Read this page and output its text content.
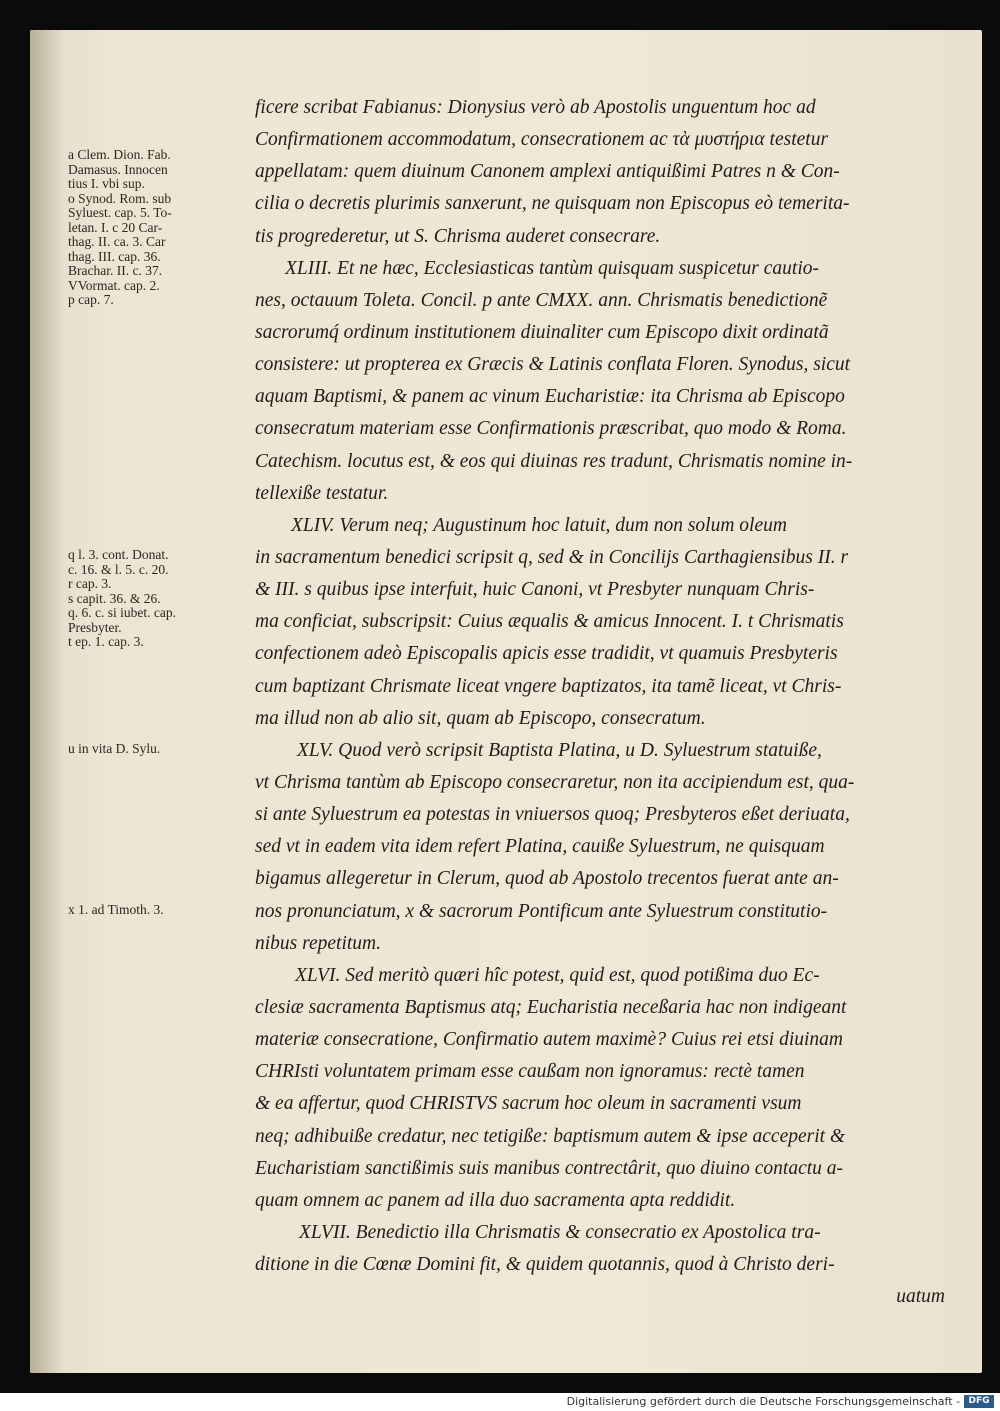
a Clem. Dion. Fab.
Damasus. Innocen
tius I. vbi sup.
o Synod. Rom. sub
Syluest. cap. 5. To-
letan. I. c 20 Car-
thag. II. ca. 3. Car
thag. III. cap. 36.
Brachar. II. c. 37.
VVormat. cap. 2.
p cap. 7.
q l. 3. cont. Donat.
c. 16. & l. 5. c. 20.
r cap. 3.
s capit. 36. & 26.
q. 6. c. si iubet. cap.
Presbyter.
t ep. 1. cap. 3.
u in vita D. Sylu.
x 1. ad Timoth. 3.
ficere scribat Fabianus: Dionysius verò ab Apostolis unguentum hoc ad
Confirmationem accommodatum, consecrationem ac τὰ μυστήρια testetur
appellatam: quem diuinum Canonem amplexi antiquißimi Patres n & Con-
cilia o decretis plurimis sanxerunt, ne quisquam non Episcopus eò temerita-
tis progrederetur, ut S. Chrisma auderet consecrare.
XLIII. Et ne hæc, Ecclesiasticas tantùm quisquam suspicetur cautio-
nes, octauum Toleta. Concil. p ante CMXX. ann. Chrismatis benedictionẽ
sacrorumq́ ordinum institutionem diuinaliter cum Episcopo dixit ordinatã
consistere: ut propterea ex Græcis & Latinis conflata Floren. Synodus, sicut
aquam Baptismi, & panem ac vinum Eucharistiæ: ita Chrisma ab Episcopo
consecratum materiam esse Confirmationis præscribat, quo modo & Roma.
Catechism. locutus est, & eos qui diuinas res tradunt, Chrismatis nomine in-
tellexiße testatur.
XLIV. Verum neq; Augustinum hoc latuit, dum non solum oleum
in sacramentum benedici scripsit q, sed & in Concilijs Carthagiensibus II. r
& III. s quibus ipse interfuit, huic Canoni, vt Presbyter nunquam Chris-
ma conficiat, subscripsit: Cuius æqualis & amicus Innocent. I. t Chrismatis
confectionem adeò Episcopalis apicis esse tradidit, vt quamuis Presbyteris
cum baptizant Chrismate liceat vngere baptizatos, ita tamẽ liceat, vt Chris-
ma illud non ab alio sit, quam ab Episcopo, consecratum.
XLV. Quod verò scripsit Baptista Platina, u D. Syluestrum statuiße,
vt Chrisma tantùm ab Episcopo consecraretur, non ita accipiendum est, qua-
si ante Syluestrum ea potestas in vniuersos quoq; Presbyteros eßet deriuata,
sed vt in eadem vita idem refert Platina, cauiße Syluestrum, ne quisquam
bigamus allegeretur in Clerum, quod ab Apostolo trecentos fuerat ante an-
nos pronunciatum, x & sacrorum Pontificum ante Syluestrum constitutio-
nibus repetitum.
XLVI. Sed meritò quæri hîc potest, quid est, quod potißima duo Ec-
clesiæ sacramenta Baptismus atq; Eucharistia neceßaria hac non indigeant
materiæ consecratione, Confirmatio autem maximè? Cuius rei etsi diuinam
CHRIsti voluntatem primam esse caußam non ignoramus: rectè tamen
& ea affertur, quod CHRISTVS sacrum hoc oleum in sacramenti vsum
neq; adhibuiße credatur, nec tetigiße: baptismum autem & ipse acceperit &
Eucharistiam sanctißimis suis manibus contrectârit, quo diuino contactu a-
quam omnem ac panem ad illa duo sacramenta apta reddidit.
XLVII. Benedictio illa Chrismatis & consecratio ex Apostolica tra-
ditione in die Cœnæ Domini fit, & quidem quotannis, quod à Christo deri-
uatum
Digitalisierung gefördert durch die Deutsche Forschungsgemeinschaft - DFG
